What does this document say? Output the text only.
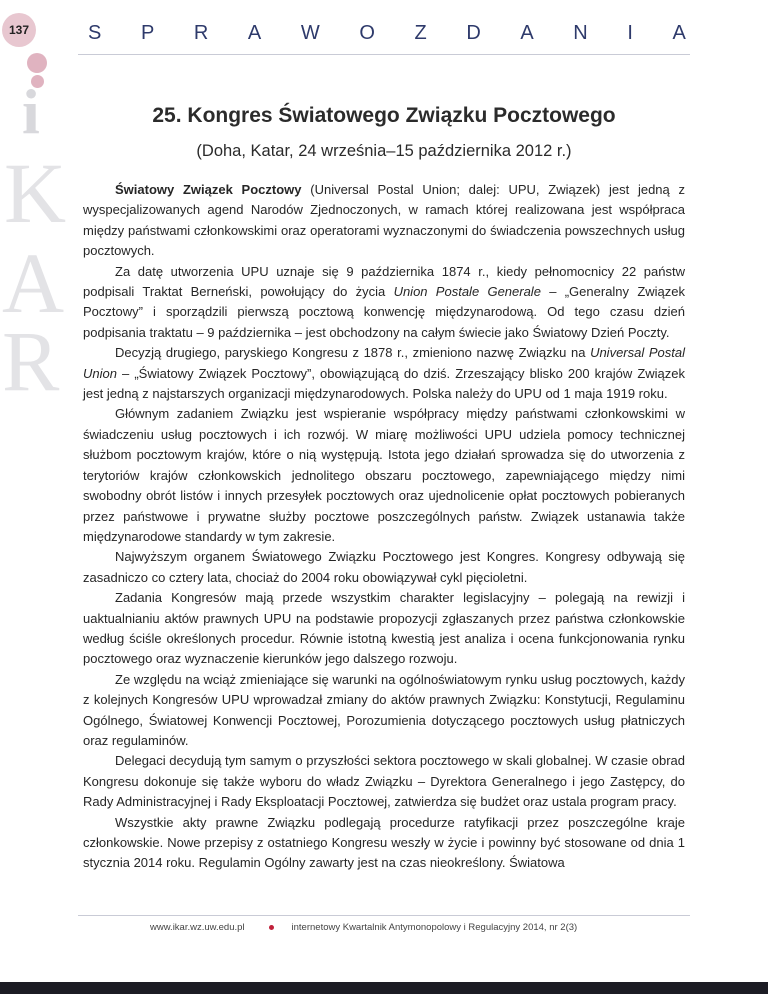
137	S P R A W O Z D A N I A
i
K
A
R
25. Kongres Światowego Związku Pocztowego
(Doha, Katar, 24 września–15 października 2012 r.)

Światowy Związek Pocztowy (Universal Postal Union; dalej: UPU, Związek) jest jedną z wyspecjalizowanych agend Narodów Zjednoczonych, w ramach której realizowana jest współpraca między państwami członkowskimi oraz operatorami wyznaczonymi do świadczenia powszechnych usług pocztowych.

Za datę utworzenia UPU uznaje się 9 października 1874 r., kiedy pełnomocnicy 22 państw podpisali Traktat Berneński, powołujący do życia Union Postale Generale – „Generalny Związek Pocztowy” i sporządzili pierwszą pocztową konwencję międzynarodową. Od tego czasu dzień podpisania traktatu – 9 października – jest obchodzony na całym świecie jako Światowy Dzień Poczty.

Decyzją drugiego, paryskiego Kongresu z 1878 r., zmieniono nazwę Związku na Universal Postal Union – „Światowy Związek Pocztowy”, obowiązującą do dziś. Zrzeszający blisko 200 krajów Związek jest jedną z najstarszych organizacji międzynarodowych. Polska należy do UPU od 1 maja 1919 roku.

Głównym zadaniem Związku jest wspieranie współpracy między państwami członkowskimi w świadczeniu usług pocztowych i ich rozwój. W miarę możliwości UPU udziela pomocy technicznej służbom pocztowym krajów, które o nią występują. Istota jego działań sprowadza się do utworzenia z terytoriów krajów członkowskich jednolitego obszaru pocztowego, zapewniającego między nimi swobodny obrót listów i innych przesyłek pocztowych oraz ujednolicenie opłat pocztowych pobieranych przez państwowe i prywatne służby pocztowe poszczególnych państw. Związek ustanawia także międzynarodowe standardy w tym zakresie.

Najwyższym organem Światowego Związku Pocztowego jest Kongres. Kongresy odbywają się zasadniczo co cztery lata, chociaż do 2004 roku obowiązywał cykl pięcioletni.

Zadania Kongresów mają przede wszystkim charakter legislacyjny – polegają na rewizji i uaktualnianiu aktów prawnych UPU na podstawie propozycji zgłaszanych przez państwa członkowskie według ściśle określonych procedur. Równie istotną kwestią jest analiza i ocena funkcjonowania rynku pocztowego oraz wyznaczenie kierunków jego dalszego rozwoju.

Ze względu na wciąż zmieniające się warunki na ogólnoświatowym rynku usług pocztowych, każdy z kolejnych Kongresów UPU wprowadzał zmiany do aktów prawnych Związku: Konstytucji, Regulaminu Ogólnego, Światowej Konwencji Pocztowej, Porozumienia dotyczącego pocztowych usług płatniczych oraz regulaminów.

Delegaci decydują tym samym o przyszłości sektora pocztowego w skali globalnej. W czasie obrad Kongresu dokonuje się także wyboru do władz Związku – Dyrektora Generalnego i jego Zastępcy, do Rady Administracyjnej i Rady Eksploatacji Pocztowej, zatwierdza się budżet oraz ustala program pracy.

Wszystkie akty prawne Związku podlegają procedurze ratyfikacji przez poszczególne kraje członkowskie. Nowe przepisy z ostatniego Kongresu weszły w życie i powinny być stosowane od dnia 1 stycznia 2014 roku. Regulamin Ogólny zawarty jest na czas nieokreślony. Światowa

www.ikar.wz.uw.edu.pl	internetowy Kwartalnik Antymonopolowy i Regulacyjny 2014, nr 2(3)
